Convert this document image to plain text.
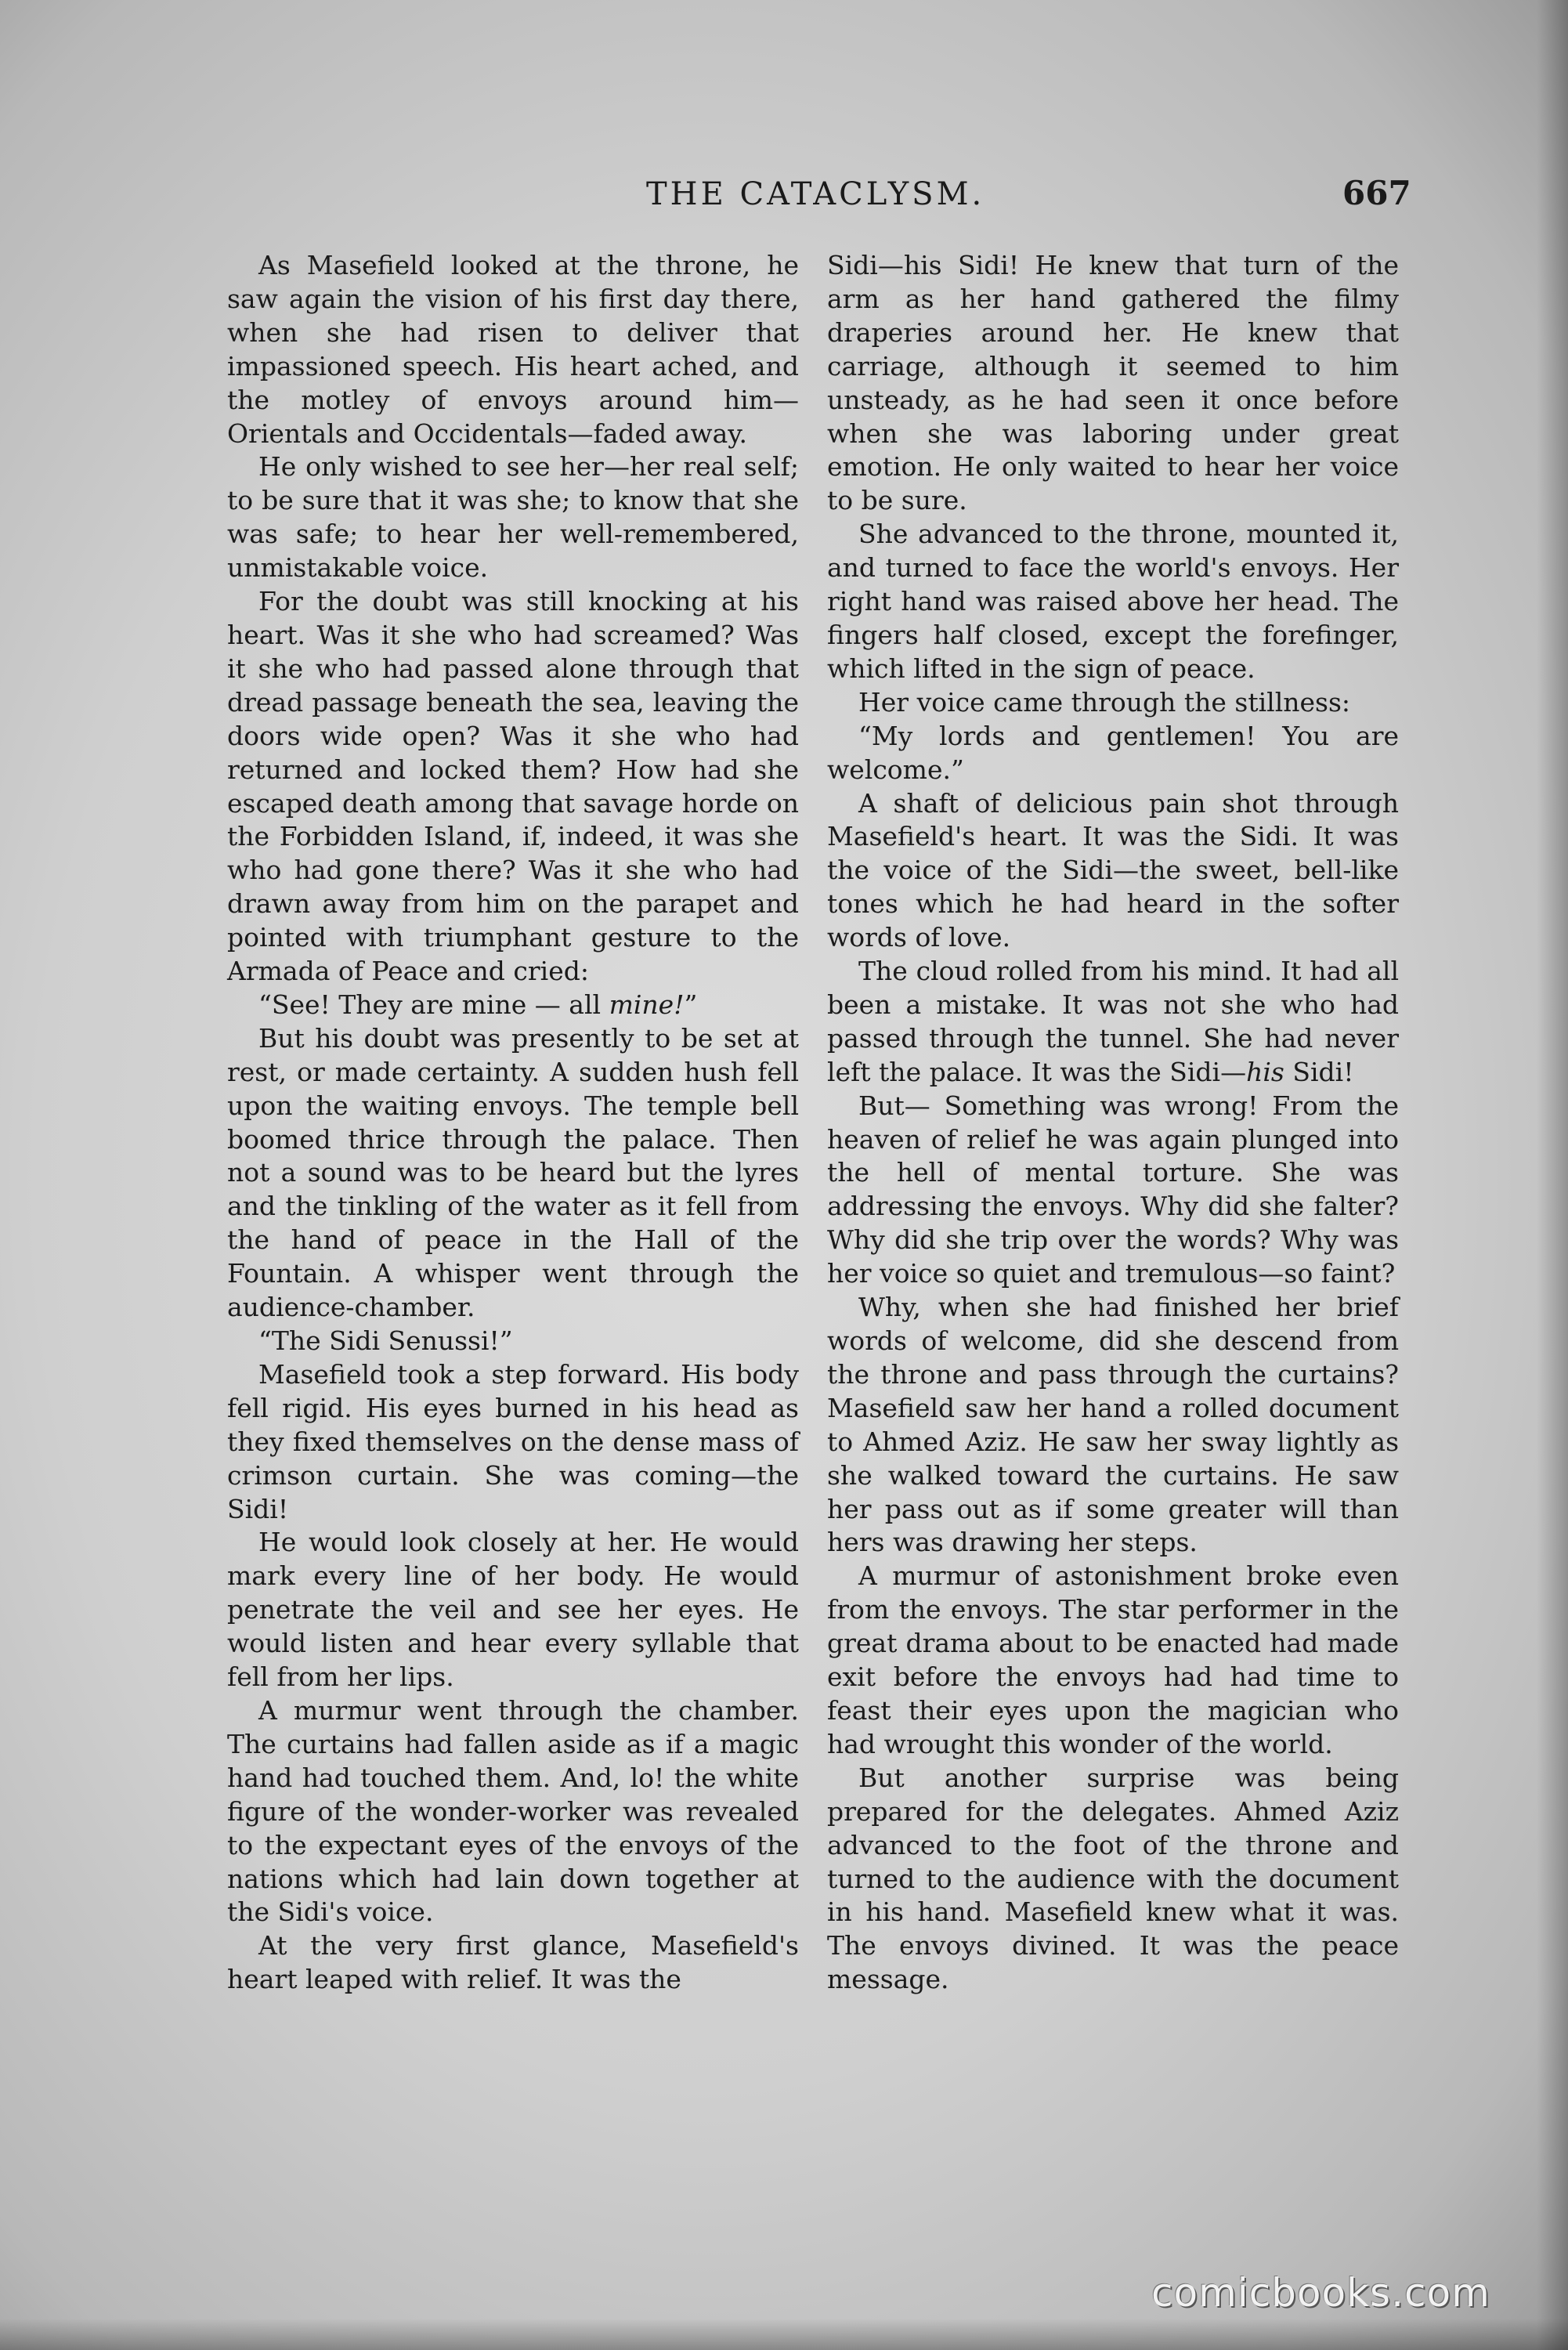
THE CATACLYSM.	667

As Masefield looked at the throne, he saw again the vision of his first day there, when she had risen to deliver that impassioned speech. His heart ached, and the motley of envoys around him—Orientals and Occidentals—faded away.

He only wished to see her—her real self; to be sure that it was she; to know that she was safe; to hear her well-remembered, unmistakable voice.

For the doubt was still knocking at his heart. Was it she who had screamed? Was it she who had passed alone through that dread passage beneath the sea, leaving the doors wide open? Was it she who had returned and locked them? How had she escaped death among that savage horde on the Forbidden Island, if, indeed, it was she who had gone there? Was it she who had drawn away from him on the parapet and pointed with triumphant gesture to the Armada of Peace and cried:

“See! They are mine — all mine!”

But his doubt was presently to be set at rest, or made certainty. A sudden hush fell upon the waiting envoys. The temple bell boomed thrice through the palace. Then not a sound was to be heard but the lyres and the tinkling of the water as it fell from the hand of peace in the Hall of the Fountain. A whisper went through the audience-chamber.

“The Sidi Senussi!”

Masefield took a step forward. His body fell rigid. His eyes burned in his head as they fixed themselves on the dense mass of crimson curtain. She was coming—the Sidi!

He would look closely at her. He would mark every line of her body. He would penetrate the veil and see her eyes. He would listen and hear every syllable that fell from her lips.

A murmur went through the chamber. The curtains had fallen aside as if a magic hand had touched them. And, lo! the white figure of the wonder-worker was revealed to the expectant eyes of the envoys of the nations which had lain down together at the Sidi's voice.

At the very first glance, Masefield's heart leaped with relief. It was the

Sidi—his Sidi! He knew that turn of the arm as her hand gathered the filmy draperies around her. He knew that carriage, although it seemed to him unsteady, as he had seen it once before when she was laboring under great emotion. He only waited to hear her voice to be sure.

She advanced to the throne, mounted it, and turned to face the world's envoys. Her right hand was raised above her head. The fingers half closed, except the forefinger, which lifted in the sign of peace.

Her voice came through the stillness:

“My lords and gentlemen! You are welcome.”

A shaft of delicious pain shot through Masefield's heart. It was the Sidi. It was the voice of the Sidi—the sweet, bell-like tones which he had heard in the softer words of love.

The cloud rolled from his mind. It had all been a mistake. It was not she who had passed through the tunnel. She had never left the palace. It was the Sidi—his Sidi!

But— Something was wrong! From the heaven of relief he was again plunged into the hell of mental torture. She was addressing the envoys. Why did she falter? Why did she trip over the words? Why was her voice so quiet and tremulous—so faint?

Why, when she had finished her brief words of welcome, did she descend from the throne and pass through the curtains? Masefield saw her hand a rolled document to Ahmed Aziz. He saw her sway lightly as she walked toward the curtains. He saw her pass out as if some greater will than hers was drawing her steps.

A murmur of astonishment broke even from the envoys. The star performer in the great drama about to be enacted had made exit before the envoys had had time to feast their eyes upon the magician who had wrought this wonder of the world.

But another surprise was being prepared for the delegates. Ahmed Aziz advanced to the foot of the throne and turned to the audience with the document in his hand. Masefield knew what it was. The envoys divined. It was the peace message.

comicbooks.com
